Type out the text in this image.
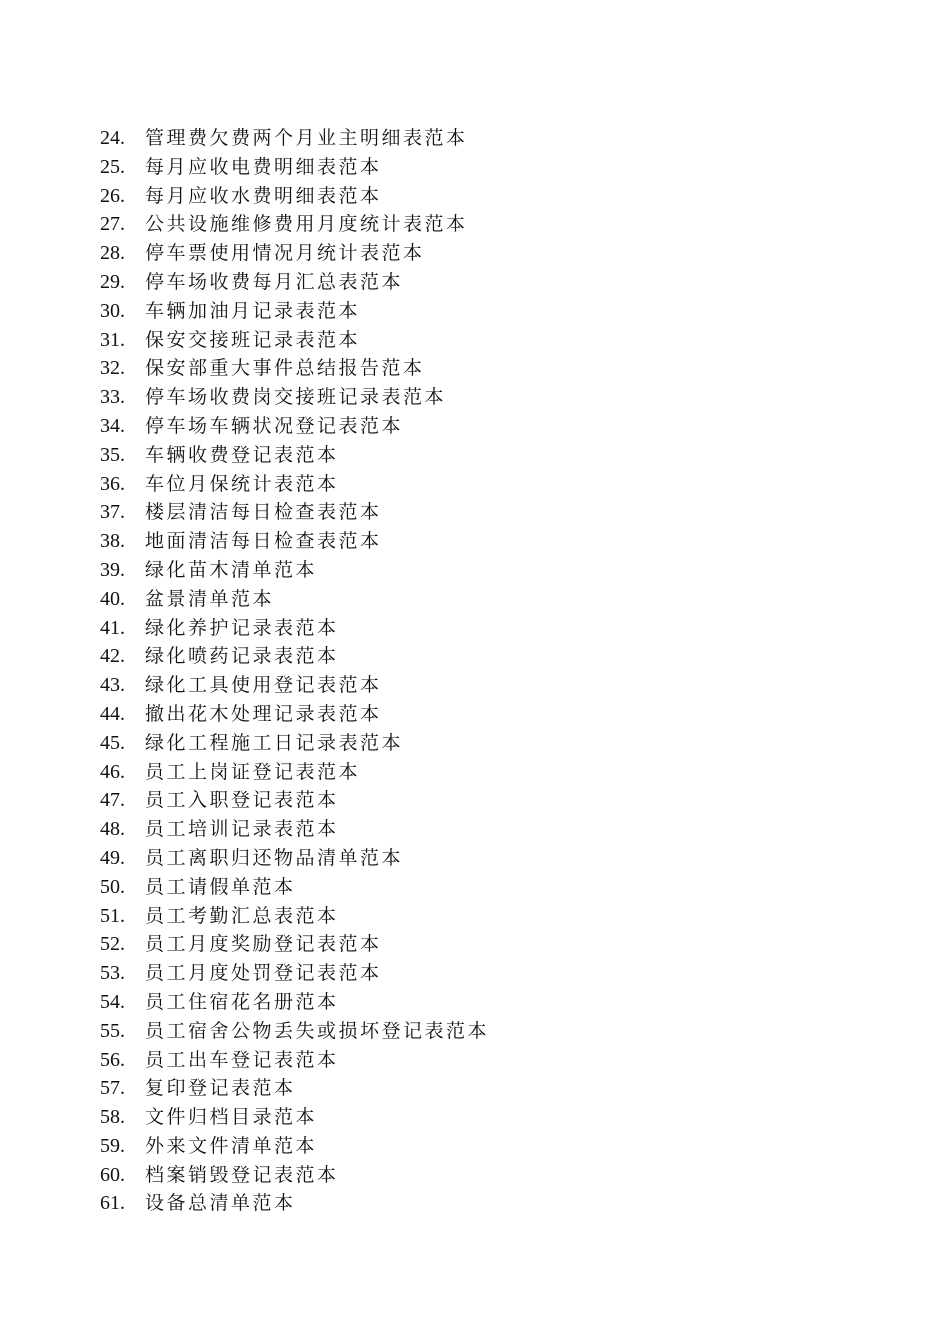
24.	管理费欠费两个月业主明细表范本
25.	每月应收电费明细表范本
26.	每月应收水费明细表范本
27.	公共设施维修费用月度统计表范本
28.	停车票使用情况月统计表范本
29.	停车场收费每月汇总表范本
30.	车辆加油月记录表范本
31.	保安交接班记录表范本
32.	保安部重大事件总结报告范本
33.	停车场收费岗交接班记录表范本
34.	停车场车辆状况登记表范本
35.	车辆收费登记表范本
36.	车位月保统计表范本
37.	楼层清洁每日检查表范本
38.	地面清洁每日检查表范本
39.	绿化苗木清单范本
40.	盆景清单范本
41.	绿化养护记录表范本
42.	绿化喷药记录表范本
43.	绿化工具使用登记表范本
44.	撤出花木处理记录表范本
45.	绿化工程施工日记录表范本
46.	员工上岗证登记表范本
47.	员工入职登记表范本
48.	员工培训记录表范本
49.	员工离职归还物品清单范本
50.	员工请假单范本
51.	员工考勤汇总表范本
52.	员工月度奖励登记表范本
53.	员工月度处罚登记表范本
54.	员工住宿花名册范本
55.	员工宿舍公物丢失或损坏登记表范本
56.	员工出车登记表范本
57.	复印登记表范本
58.	文件归档目录范本
59.	外来文件清单范本
60.	档案销毁登记表范本
61.	设备总清单范本
